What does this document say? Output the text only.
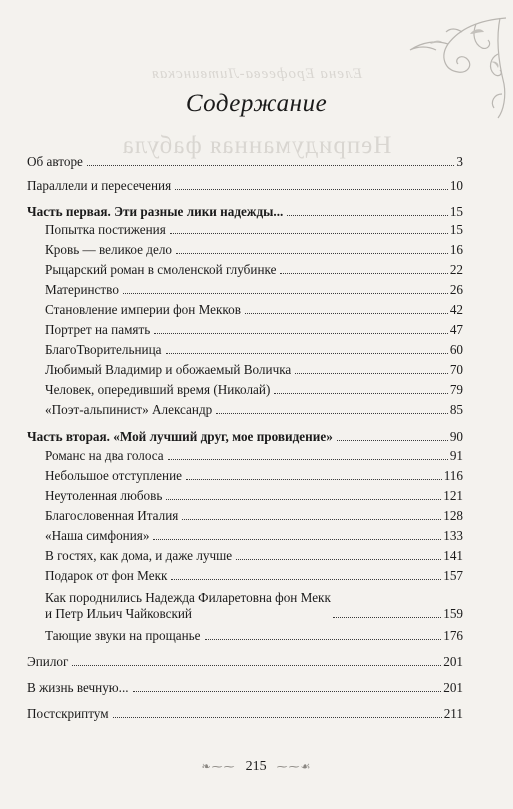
Елена Ерофеева-Литвинская
Непридуманная фабула
Содержание
Об авторе	3
Параллели и пересечения	10
Часть первая. Эти разные лики надежды...	15
Попытка постижения	15
Кровь — великое дело	16
Рыцарский роман в смоленской глубинке	22
Материнство	26
Становление империи фон Мекков	42
Портрет на память	47
БлагоТворительница	60
Любимый Владимир и обожаемый Воличка	70
Человек, опередивший время (Николай)	79
«Поэт-альпинист» Александр	85
Часть вторая. «Мой лучший друг, мое провидение»	90
Романс на два голоса	91
Небольшое отступление	116
Неутоленная любовь	121
Благословенная Италия	128
«Наша симфония»	133
В гостях, как дома, и даже лучше	141
Подарок от фон Мекк	157
Как породнились Надежда Филаретовна фон Мекк
и Петр Ильич Чайковский	159
Тающие звуки на прощанье	176
Эпилог	201
В жизнь вечную...	201
Постскриптум	211
❧⁓⁓ 215 ⁓⁓☙
